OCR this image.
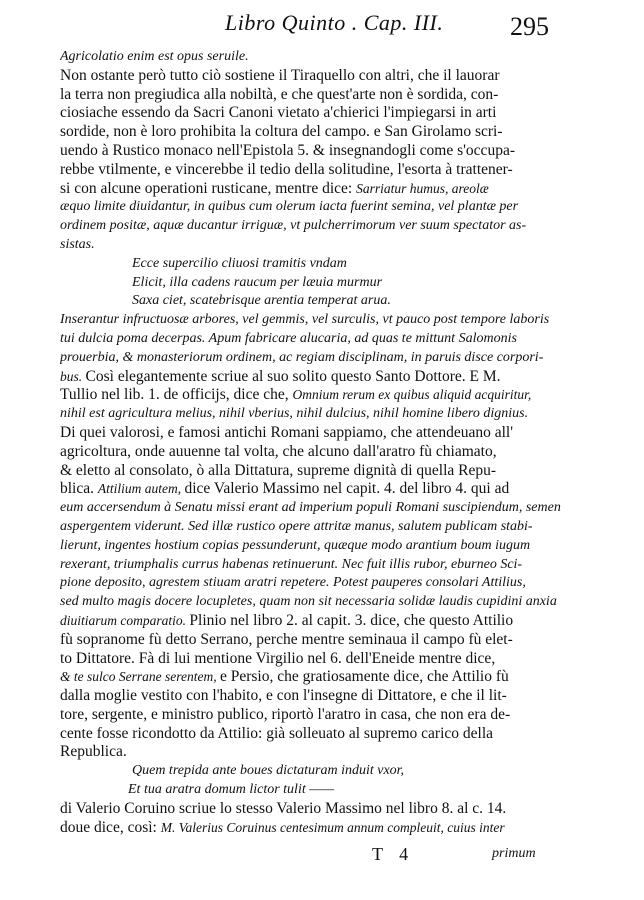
Libro Quinto . Cap. III.	295
Agricolatio enim est opus seruile.
Non ostante però tutto ciò sostiene il Tiraquello con altri, che il lauorar
la terra non pregiudica alla nobiltà, e che quest'arte non è sordida, con-
ciosiache essendo da Sacri Canoni vietato a'chierici l'impiegarsi in arti
sordide, non è loro prohibita la coltura del campo. e San Girolamo scri-
uendo à Rustico monaco nell'Epistola 5. & insegnandogli come s'occupa-
rebbe vtilmente, e vincerebbe il tedio della solitudine, l'esorta à trattener-
si con alcune operationi rusticane, mentre dice: Sarriatur humus, areolæ
æquo limite diuidantur, in quibus cum olerum iacta fuerint semina, vel plantæ per
ordinem positæ, aquæ ducantur irriguæ, vt pulcherrimorum ver suum spectator as-
sistas.
Ecce supercilio cliuosi tramitis vndam
Elicit, illa cadens raucum per læuia murmur
Saxa ciet, scatebrisque arentia temperat arua.
Inserantur infructuosæ arbores, vel gemmis, vel surculis, vt pauco post tempore laboris
tui dulcia poma decerpas. Apum fabricare alucaria, ad quas te mittunt Salomonis
prouerbia, & monasteriorum ordinem, ac regiam disciplinam, in paruis disce corpori-
bus. Così elegantemente scriue al suo solito questo Santo Dottore. E M.
Tullio nel lib. 1. de officijs, dice che, Omnium rerum ex quibus aliquid acquiritur,
nihil est agricultura melius, nihil vberius, nihil dulcius, nihil homine libero dignius.
Di quei valorosi, e famosi antichi Romani sappiamo, che attendeuano all'
agricoltura, onde auuenne tal volta, che alcuno dall'aratro fù chiamato,
& eletto al consolato, ò alla Dittatura, supreme dignità di quella Repu-
blica. Attilium autem, dice Valerio Massimo nel capit. 4. del libro 4. qui ad
eum accersendum à Senatu missi erant ad imperium populi Romani suscipiendum, semen
aspergentem viderunt. Sed illæ rustico opere attritæ manus, salutem publicam stabi-
lierunt, ingentes hostium copias pessunderunt, quæque modo arantium boum iugum
rexerant, triumphalis currus habenas retinuerunt. Nec fuit illis rubor, eburneo Sci-
pione deposito, agrestem stiuam aratri repetere. Potest pauperes consolari Attilius,
sed multo magis docere locupletes, quam non sit necessaria solidæ laudis cupidini anxia
diuitiarum comparatio. Plinio nel libro 2. al capit. 3. dice, che questo Attilio
fù sopranome fù detto Serrano, perche mentre seminaua il campo fù elet-
to Dittatore. Fà di lui mentione Virgilio nel 6. dell'Eneide mentre dice,
& te sulco Serrane serentem, e Persio, che gratiosamente dice, che Attilio fù
dalla moglie vestito con l'habito, e con l'insegne di Dittatore, e che il lit-
tore, sergente, e ministro publico, riportò l'aratro in casa, che non era de-
cente fosse ricondotto da Attilio: già solleuato al supremo carico della
Republica.
Quem trepida ante boues dictaturam induit vxor,
Et tua aratra domum lictor tulit ——
di Valerio Coruino scriue lo stesso Valerio Massimo nel libro 8. al c. 14.
doue dice, così: M. Valerius Coruinus centesimum annum compleuit, cuius inter
T 4	primum
